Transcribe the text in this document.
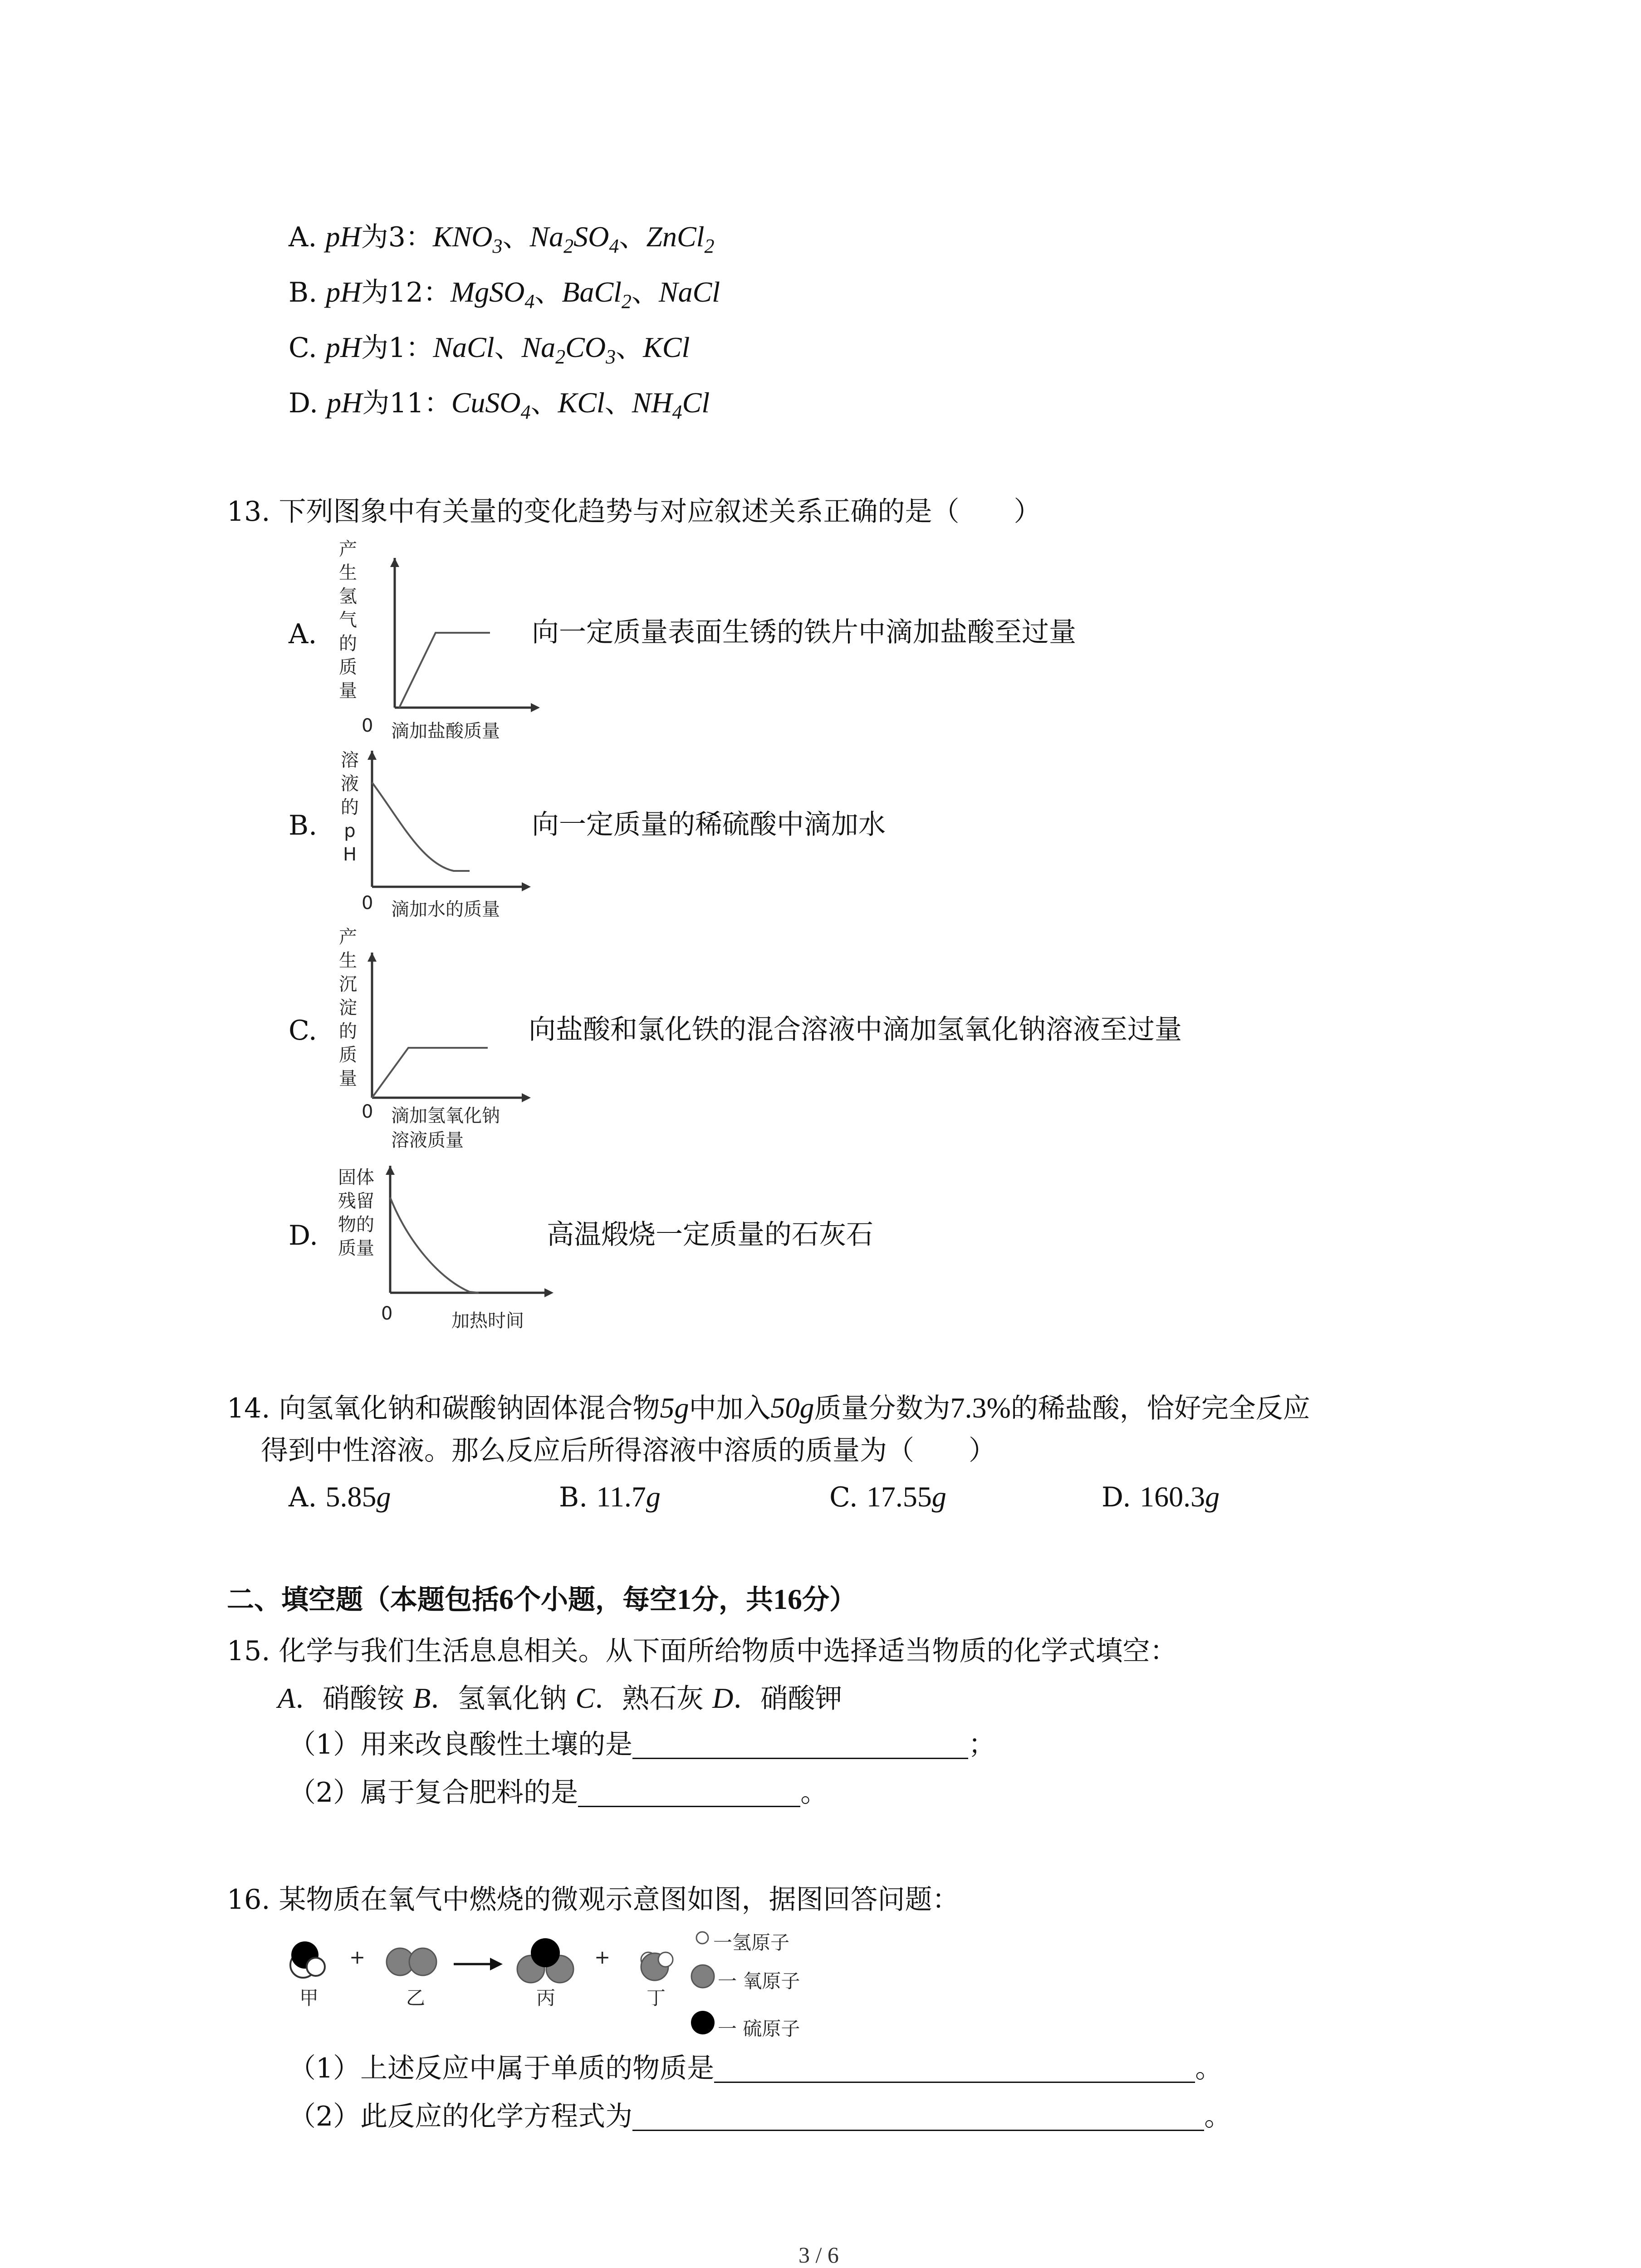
A. pH为3：$KNO_3$、$Na_2SO_4$、ZnCl$_2$
B. pH为12：MgSO$_4$、BaCl$_2$、NaCl
C. pH为1：NaCl、$Na_2CO_3$、KCl
D. pH为11：CuSO$_4$、KCl、$NH_4Cl$
13. 下列图象中有关量的变化趋势与对应叙述关系正确的是（　　）
A.
产生氢气的质量
0 滴加盐酸质量
向一定质量表面生锈的铁片中滴加盐酸至过量
B.
溶液的pH
0 滴加水的质量
向一定质量的稀硫酸中滴加水
C.
产生沉淀的质量
0 滴加氢氧化钠
溶液质量
向盐酸和氯化铁的混合溶液中滴加氢氧化钠溶液至过量
D.
固体残留物的质量
0	加热时间
高温煅烧一定质量的石灰石
14. 向氢氧化钠和碳酸钠固体混合物5g中加入50g质量分数为7.3%的稀盐酸，恰好完全反应
得到中性溶液。那么反应后所得溶液中溶质的质量为（　　）
A. 5.85g	B. 11.7g	C. 17.55g	D. 160.3g
二、填空题（本题包括6个小题，每空1分，共16分）
15. 化学与我们生活息息相关。从下面所给物质中选择适当物质的化学式填空：
A．硝酸铵 B．氢氧化钠 C．熟石灰 D．硝酸钾
（1）用来改良酸性土壤的是	；
（2）属于复合肥料的是	。
16. 某物质在氧气中燃烧的微观示意图如图，据图回答问题：
+	+
甲	乙	丙	丁
一氢原子
一 氧原子
一 硫原子
（1）上述反应中属于单质的物质是	。
（2）此反应的化学方程式为	。
3 / 6
